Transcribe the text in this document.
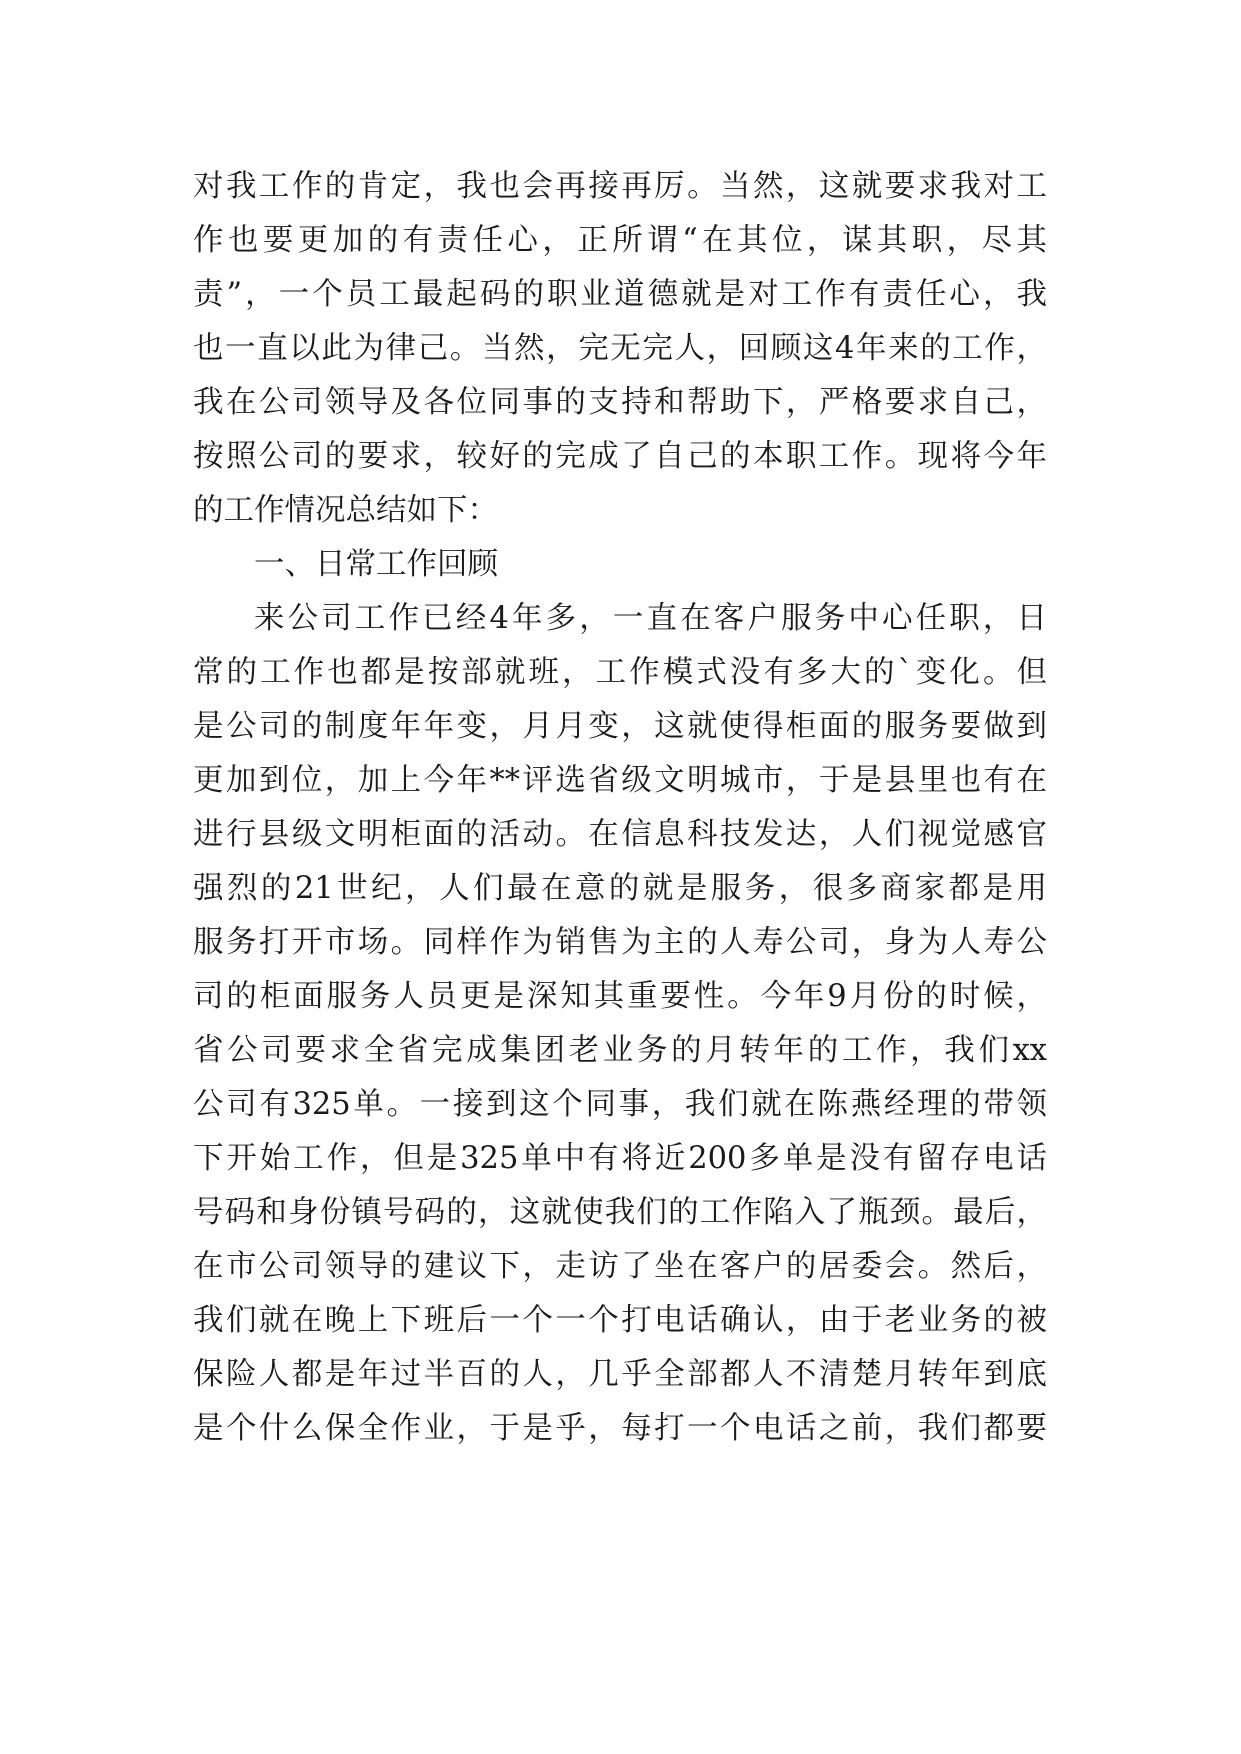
对我工作的肯定，我也会再接再厉。当然，这就要求我对工
作也要更加的有责任心，正所谓“在其位，谋其职，尽其
责”，一个员工最起码的职业道德就是对工作有责任心，我
也一直以此为律己。当然，完无完人，回顾这4年来的工作，
我在公司领导及各位同事的支持和帮助下，严格要求自己，
按照公司的要求，较好的完成了自己的本职工作。现将今年
的工作情况总结如下：
一、日常工作回顾
来公司工作已经4年多，一直在客户服务中心任职，日
常的工作也都是按部就班，工作模式没有多大的`变化。但
是公司的制度年年变，月月变，这就使得柜面的服务要做到
更加到位，加上今年**评选省级文明城市，于是县里也有在
进行县级文明柜面的活动。在信息科技发达，人们视觉感官
强烈的21世纪，人们最在意的就是服务，很多商家都是用
服务打开市场。同样作为销售为主的人寿公司，身为人寿公
司的柜面服务人员更是深知其重要性。今年9月份的时候，
省公司要求全省完成集团老业务的月转年的工作，我们xx
公司有325单。一接到这个同事，我们就在陈燕经理的带领
下开始工作，但是325单中有将近200多单是没有留存电话
号码和身份镇号码的，这就使我们的工作陷入了瓶颈。最后，
在市公司领导的建议下，走访了坐在客户的居委会。然后，
我们就在晚上下班后一个一个打电话确认，由于老业务的被
保险人都是年过半百的人，几乎全部都人不清楚月转年到底
是个什么保全作业，于是乎，每打一个电话之前，我们都要
